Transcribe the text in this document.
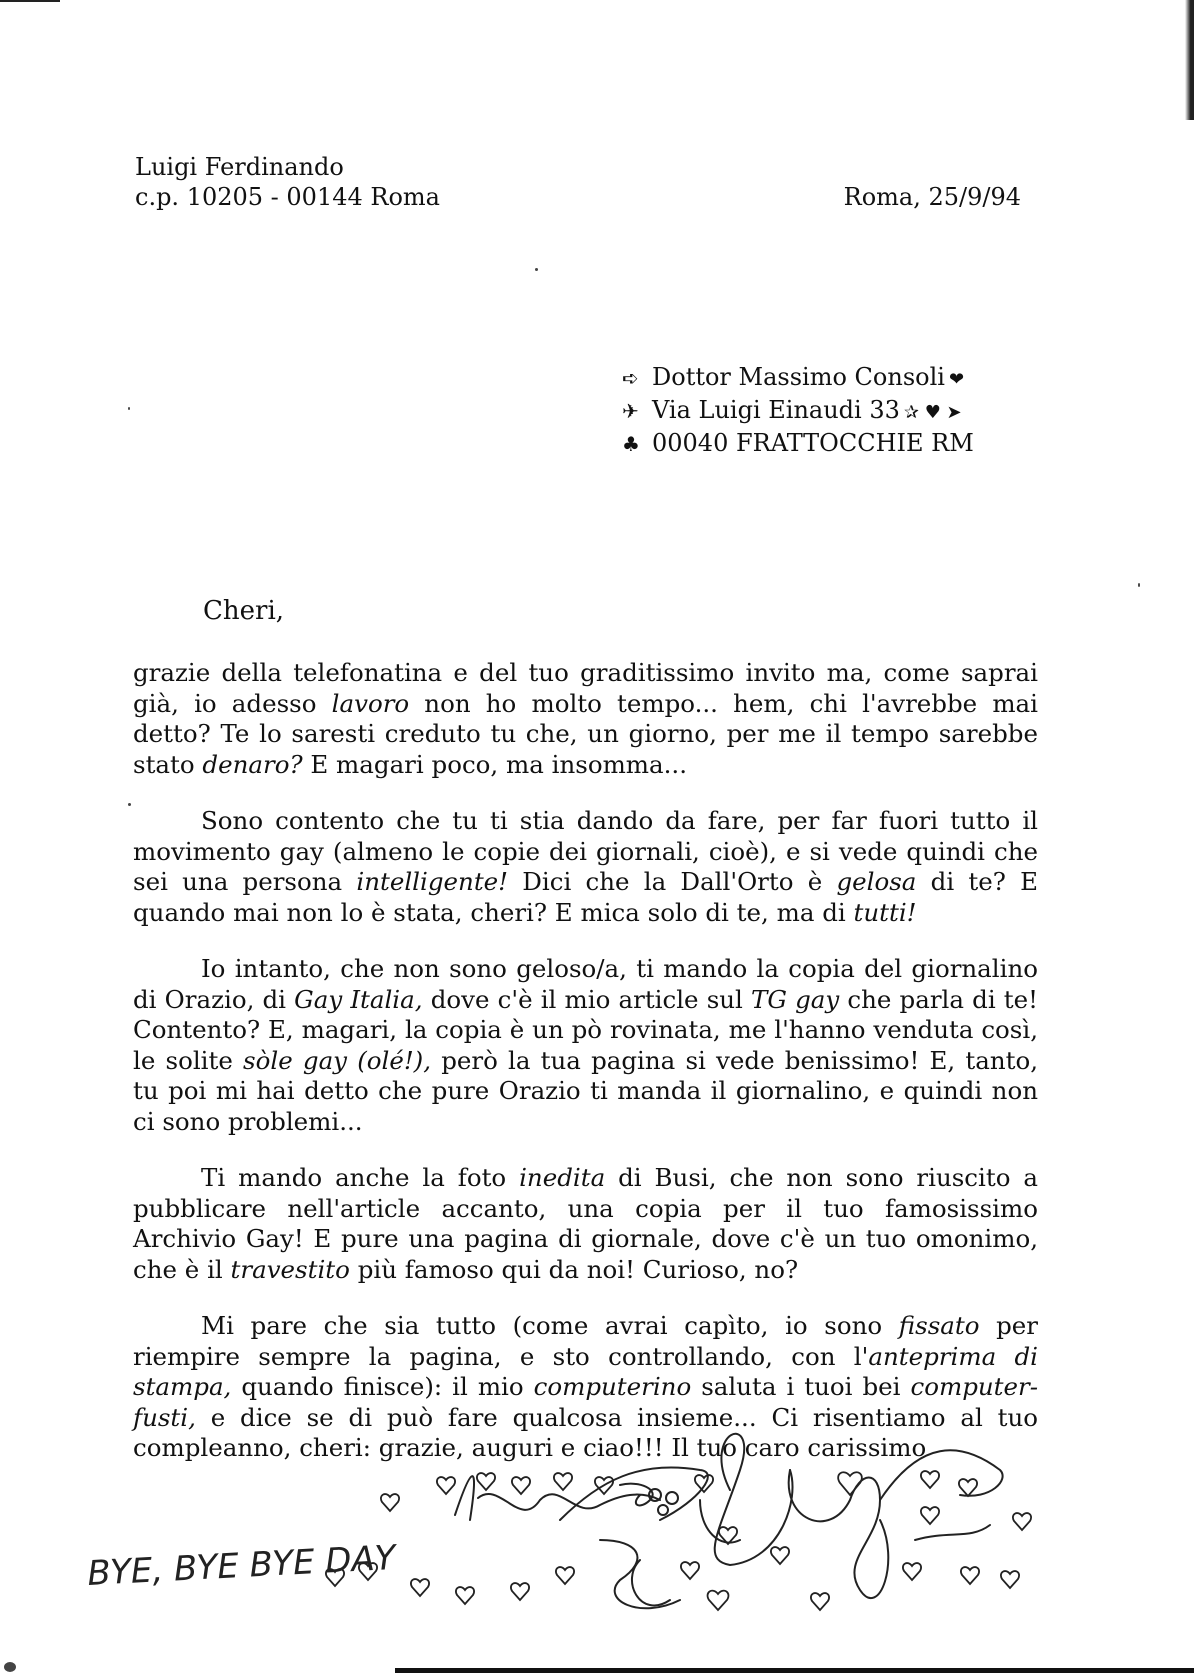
Luigi Ferdinando
c.p. 10205 - 00144 Roma	Roma, 25/9/94
➪ Dottor Massimo Consoli ❤
✈ Via Luigi Einaudi 33 ✰ ♥ ➤
♣ 00040 FRATTOCCHIE RM
Cheri,

grazie della telefonatina e del tuo graditissimo invito ma, come saprai già, io adesso lavoro non ho molto tempo... hem, chi l'avrebbe mai detto? Te lo saresti creduto tu che, un giorno, per me il tempo sarebbe stato denaro? E magari poco, ma insomma...

Sono contento che tu ti stia dando da fare, per far fuori tutto il movimento gay (almeno le copie dei giornali, cioè), e si vede quindi che sei una persona intelligente! Dici che la Dall'Orto è gelosa di te? E quando mai non lo è stata, cheri? E mica solo di te, ma di tutti!

Io intanto, che non sono geloso/a, ti mando la copia del giornalino di Orazio, di Gay Italia, dove c'è il mio article sul TG gay che parla di te! Contento? E, magari, la copia è un pò rovinata, me l'hanno venduta così, le solite sòle gay (olé!), però la tua pagina si vede benissimo! E, tanto, tu poi mi hai detto che pure Orazio ti manda il giornalino, e quindi non ci sono problemi...

Ti mando anche la foto inedita di Busi, che non sono riuscito a pubblicare nell'article accanto, una copia per il tuo famosissimo Archivio Gay! E pure una pagina di giornale, dove c'è un tuo omonimo, che è il travestito più famoso qui da noi! Curioso, no?

Mi pare che sia tutto (come avrai capìto, io sono fissato per riempire sempre la pagina, e sto controllando, con l'anteprima di stampa, quando finisce): il mio computerino saluta i tuoi bei computer-fusti, e dice se di può fare qualcosa insieme... Ci risentiamo al tuo compleanno, cheri: grazie, auguri e ciao!!! Il tuo caro carissimo

BYE, BYE BYE DAY
